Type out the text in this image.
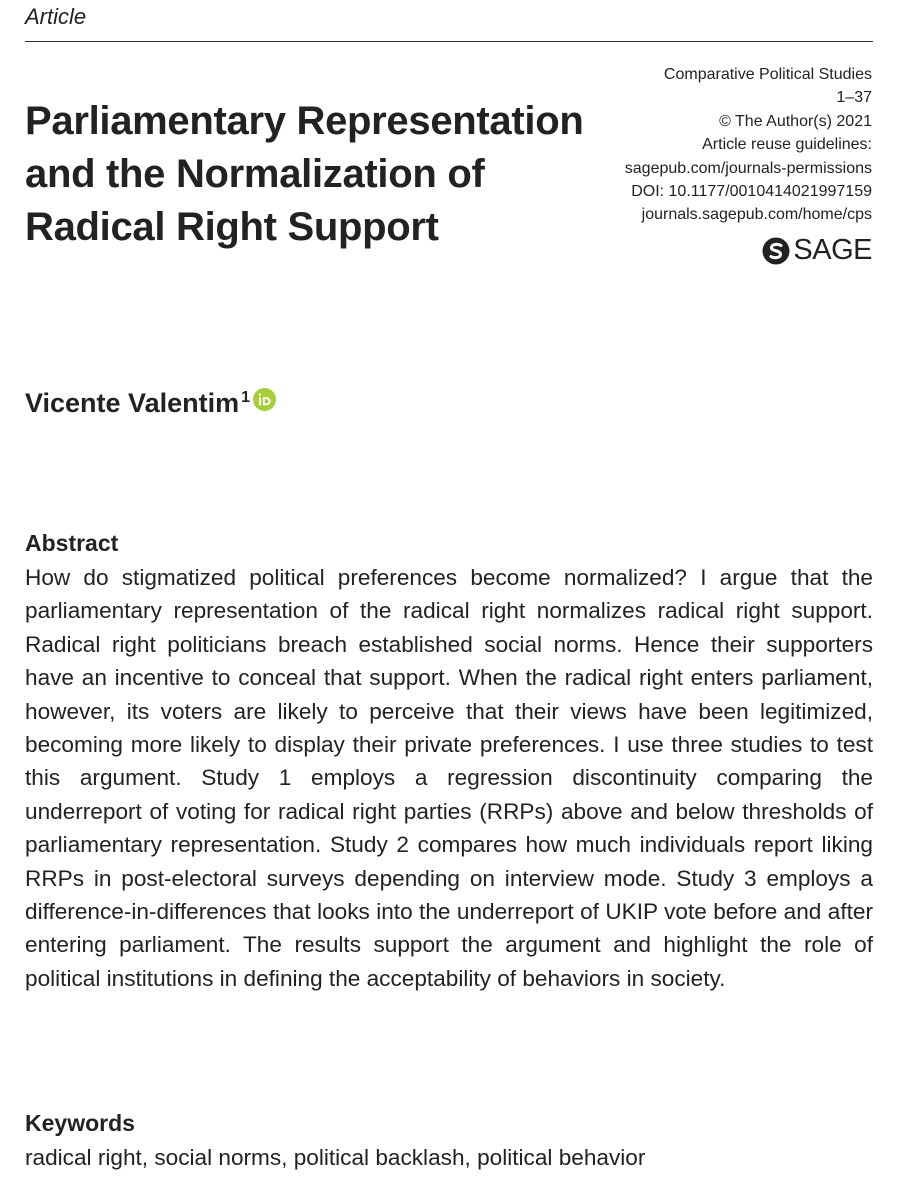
Article
Parliamentary Representation and the Normalization of Radical Right Support
Comparative Political Studies
1–37
© The Author(s) 2021
Article reuse guidelines:
sagepub.com/journals-permissions
DOI: 10.1177/0010414021997159
journals.sagepub.com/home/cps
SAGE
Vicente Valentim$^1$
Abstract

How do stigmatized political preferences become normalized? I argue that the parliamentary representation of the radical right normalizes radical right support. Radical right politicians breach established social norms. Hence their supporters have an incentive to conceal that support. When the radical right enters parliament, however, its voters are likely to perceive that their views have been legitimized, becoming more likely to display their private preferences. I use three studies to test this argument. Study 1 employs a regression discontinuity comparing the underreport of voting for radical right parties (RRPs) above and below thresholds of parliamentary representation. Study 2 compares how much individuals report liking RRPs in post-electoral surveys depending on interview mode. Study 3 employs a difference-in-differences that looks into the underreport of UKIP vote before and after entering parliament. The results support the argument and highlight the role of political institutions in defining the acceptability of behaviors in society.

Keywords
radical right, social norms, political backlash, political behavior
